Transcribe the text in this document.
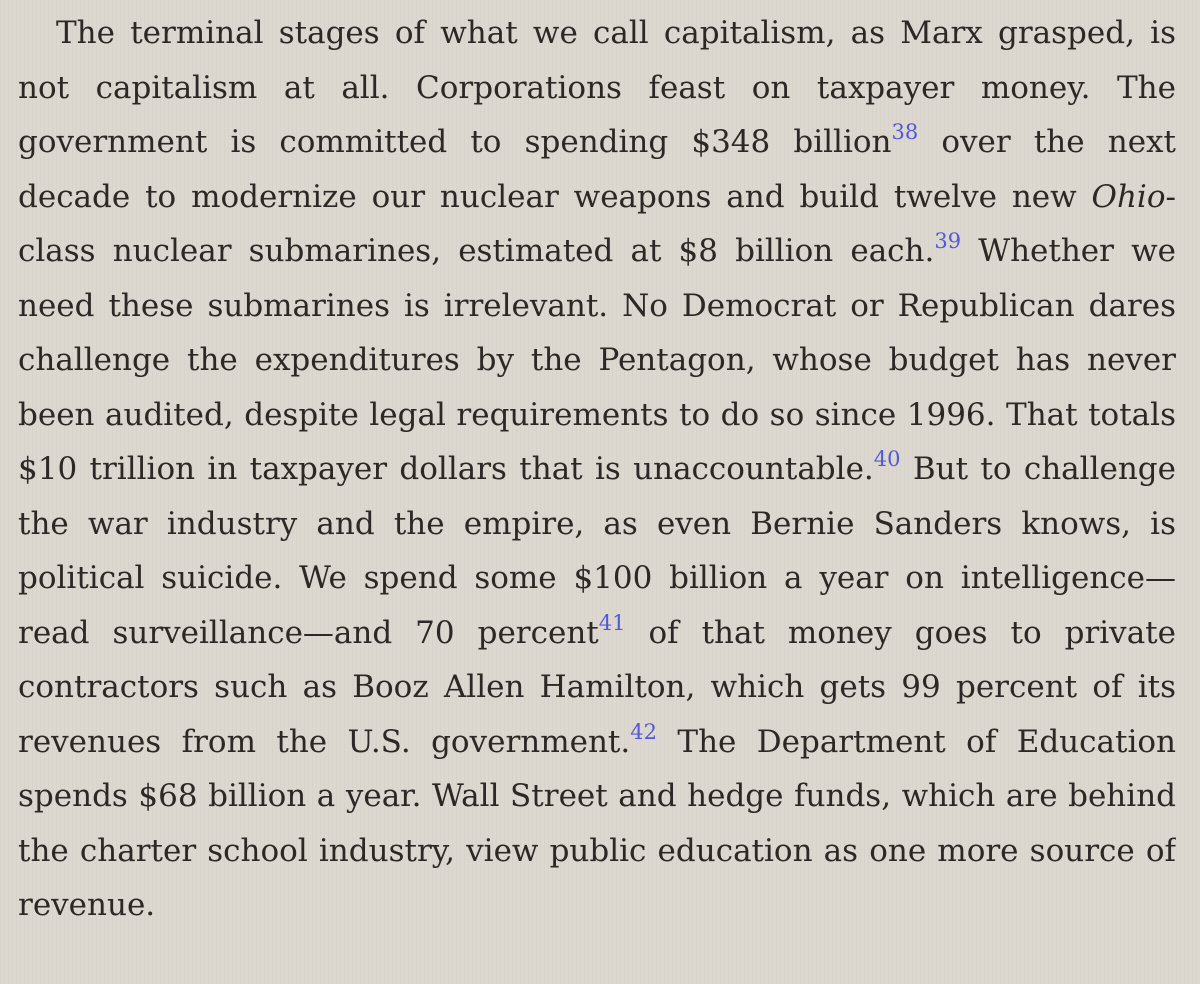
The terminal stages of what we call capitalism, as Marx grasped, is not capitalism at all. Corporations feast on taxpayer money. The government is committed to spending $348 billion$^{38}$ over the next decade to modernize our nuclear weapons and build twelve new Ohio-class nuclear submarines, estimated at $8 billion each.$^{39}$ Whether we need these submarines is irrelevant. No Democrat or Republican dares challenge the expenditures by the Pentagon, whose budget has never been audited, despite legal requirements to do so since 1996. That totals $10 trillion in taxpayer dollars that is unaccountable.$^{40}$ But to challenge the war industry and the empire, as even Bernie Sanders knows, is political suicide. We spend some $100 billion a year on intelligence—read surveillance—and 70 percent$^{41}$ of that money goes to private contractors such as Booz Allen Hamilton, which gets 99 percent of its revenues from the U.S. government.$^{42}$ The Department of Education spends $68 billion a year. Wall Street and hedge funds, which are behind the charter school industry, view public education as one more source of revenue.
